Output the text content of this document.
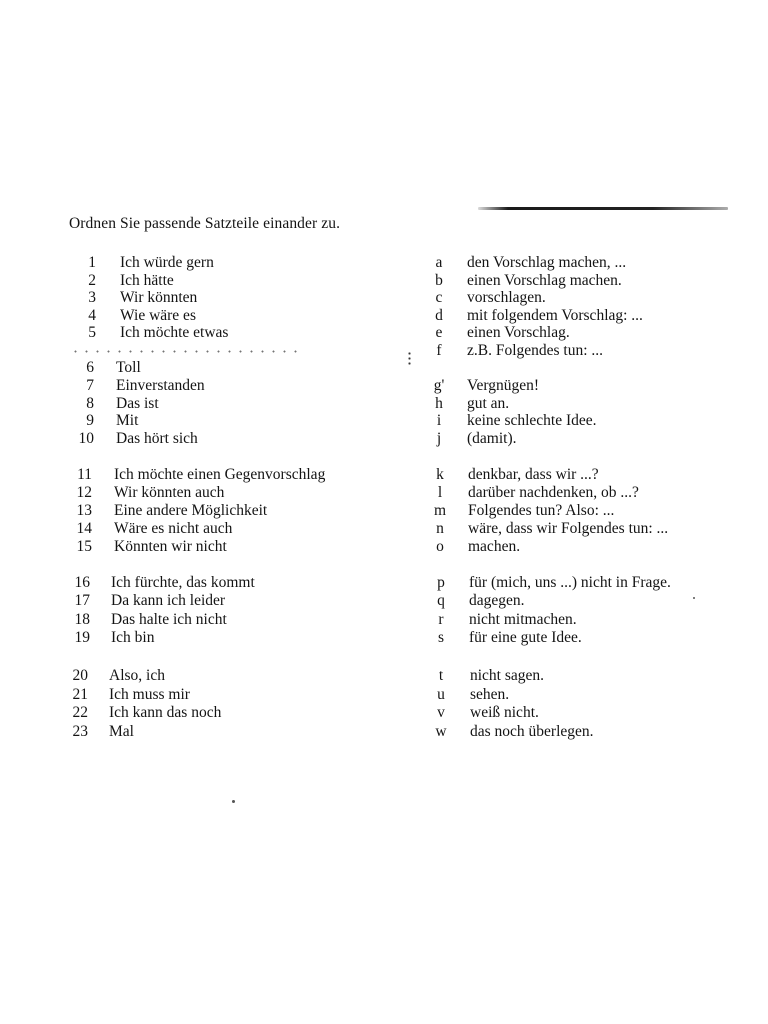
Ordnen Sie passende Satzteile einander zu.
1 Ich würde gern	a den Vorschlag machen, ...
2 Ich hätte	b einen Vorschlag machen.
3 Wir könnten	c vorschlagen.
4 Wie wäre es	d mit folgendem Vorschlag: ...
5 Ich möchte etwas	e einen Vorschlag.
f z.B. Folgendes tun: ...
6 Toll
7 Einverstanden	g' Vergnügen!
8 Das ist	h gut an.
9 Mit	i	keine schlechte Idee.
10 Das hört sich	j	(damit).
11 Ich möchte einen Gegenvorschlag	k denkbar, dass wir ...?
12 Wir könnten auch	l	darüber nachdenken, ob ...?
13 Eine andere Möglichkeit	m Folgendes tun? Also: ...
14 Wäre es nicht auch	n wäre, dass wir Folgendes tun: ...
15 Könnten wir nicht	o machen.
16 Ich fürchte, das kommt	p für (mich, uns ...) nicht in Frage.
17 Da kann ich leider	q dagegen.
18 Das halte ich nicht	r nicht mitmachen.
19 Ich bin	s für eine gute Idee.
20 Also, ich	t	nicht sagen.
21 Ich muss mir	u sehen.
22 Ich kann das noch	v weiß nicht.
23 Mal	w das noch überlegen.
